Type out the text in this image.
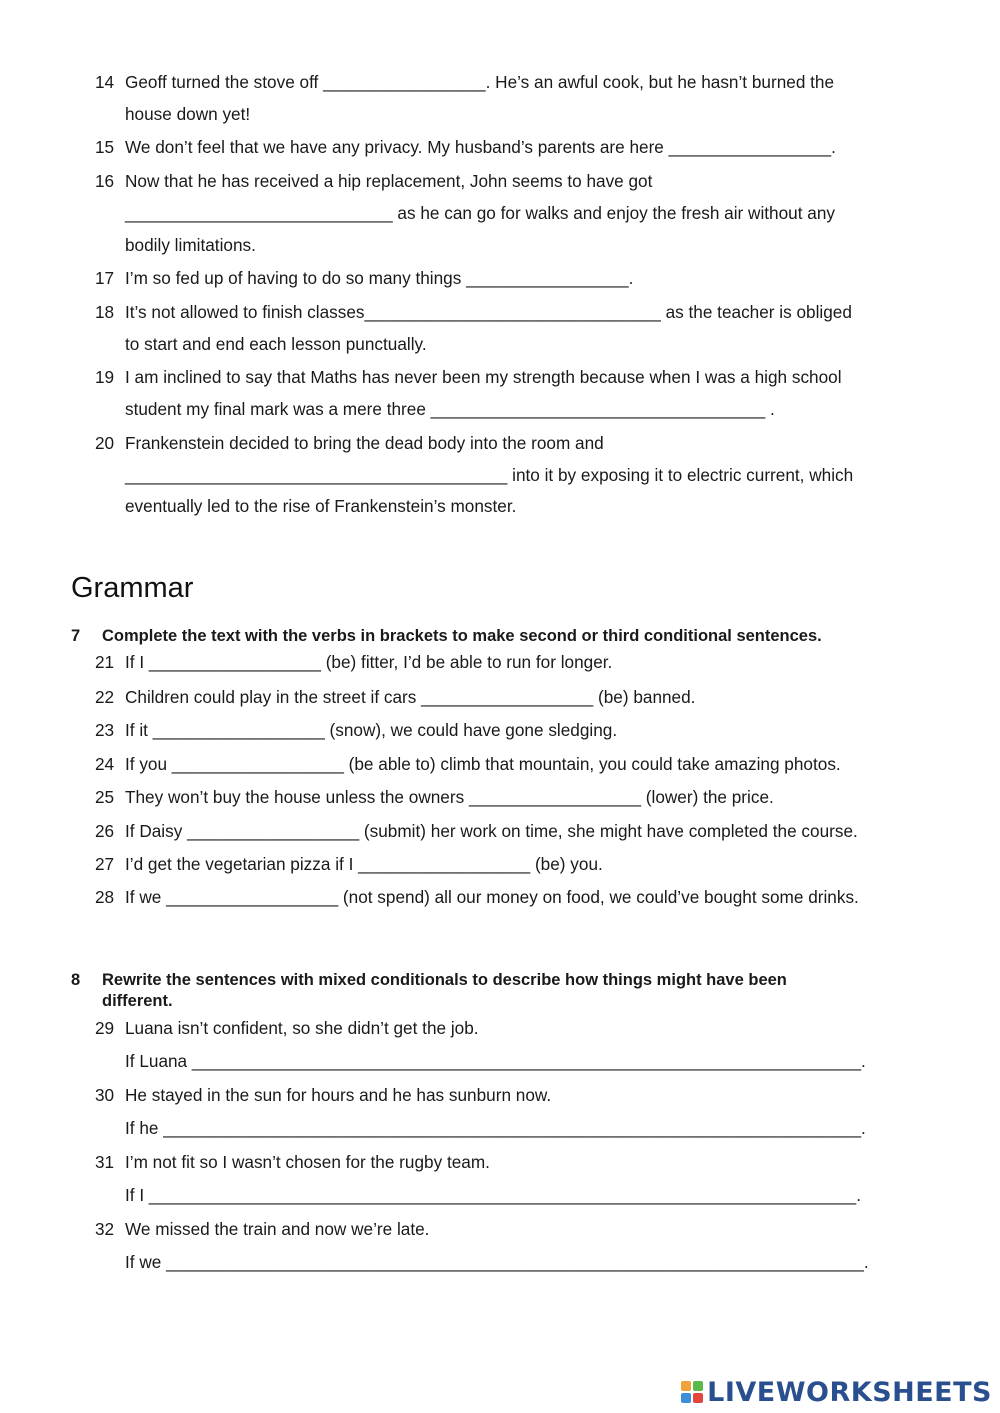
14 Geoff turned the stove off _________________. He’s an awful cook, but he hasn’t burned the
house down yet!
15 We don’t feel that we have any privacy. My husband’s parents are here _________________.
16 Now that he has received a hip replacement, John seems to have got
____________________________ as he can go for walks and enjoy the fresh air without any
bodily limitations.
17 I’m so fed up of having to do so many things _________________.
18 It’s not allowed to finish classes_______________________________ as the teacher is obliged
to start and end each lesson punctually.
19 I am inclined to say that Maths has never been my strength because when I was a high school
student my final mark was a mere three ___________________________________ .
20 Frankenstein decided to bring the dead body into the room and
________________________________________ into it by exposing it to electric current, which
eventually led to the rise of Frankenstein’s monster.
Grammar
7 Complete the text with the verbs in brackets to make second or third conditional sentences.
21 If I __________________ (be) fitter, I’d be able to run for longer.
22 Children could play in the street if cars __________________ (be) banned.
23 If it __________________ (snow), we could have gone sledging.
24 If you __________________ (be able to) climb that mountain, you could take amazing photos.
25 They won’t buy the house unless the owners __________________ (lower) the price.
26 If Daisy __________________ (submit) her work on time, she might have completed the course.
27 I’d get the vegetarian pizza if I __________________ (be) you.
28 If we __________________ (not spend) all our money on food, we could’ve bought some drinks.
8 Rewrite the sentences with mixed conditionals to describe how things might have been
different.
29 Luana isn’t confident, so she didn’t get the job.
If Luana ______________________________________________________________________.
30 He stayed in the sun for hours and he has sunburn now.
If he _________________________________________________________________________.
31 I’m not fit so I wasn’t chosen for the rugby team.
If I __________________________________________________________________________.
32 We missed the train and now we’re late.
If we _________________________________________________________________________.
LIVEWORKSHEETS
